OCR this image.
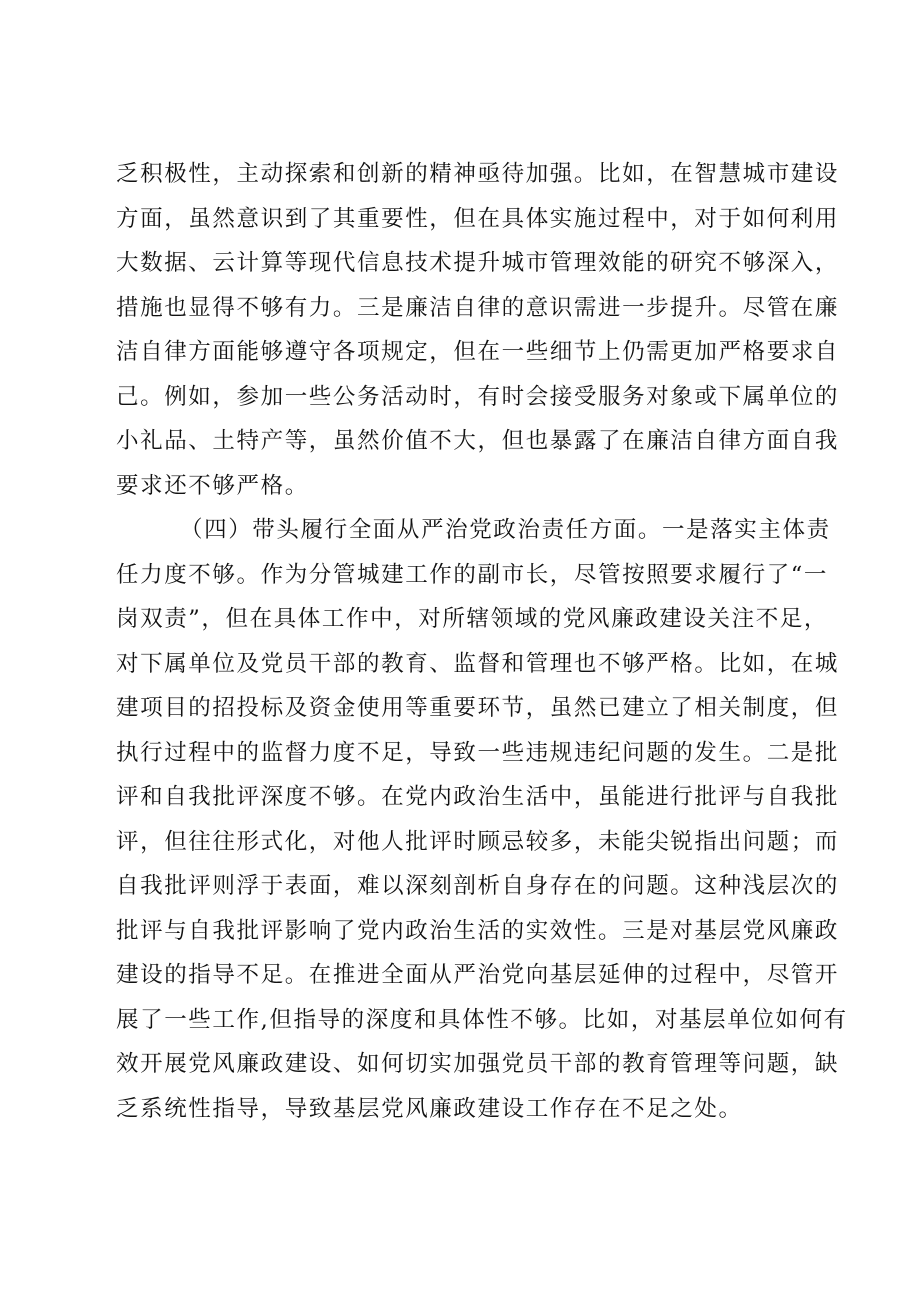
乏积极性，主动探索和创新的精神亟待加强。比如，在智慧城市建设
方面，虽然意识到了其重要性，但在具体实施过程中，对于如何利用
大数据、云计算等现代信息技术提升城市管理效能的研究不够深入，
措施也显得不够有力。三是廉洁自律的意识需进一步提升。尽管在廉
洁自律方面能够遵守各项规定，但在一些细节上仍需更加严格要求自
己。例如，参加一些公务活动时，有时会接受服务对象或下属单位的
小礼品、土特产等，虽然价值不大，但也暴露了在廉洁自律方面自我
要求还不够严格。
（四）带头履行全面从严治党政治责任方面。一是落实主体责
任力度不够。作为分管城建工作的副市长，尽管按照要求履行了“一
岗双责”，但在具体工作中，对所辖领域的党风廉政建设关注不足，
对下属单位及党员干部的教育、监督和管理也不够严格。比如，在城
建项目的招投标及资金使用等重要环节，虽然已建立了相关制度，但
执行过程中的监督力度不足，导致一些违规违纪问题的发生。二是批
评和自我批评深度不够。在党内政治生活中，虽能进行批评与自我批
评，但往往形式化，对他人批评时顾忌较多，未能尖锐指出问题；而
自我批评则浮于表面，难以深刻剖析自身存在的问题。这种浅层次的
批评与自我批评影响了党内政治生活的实效性。三是对基层党风廉政
建设的指导不足。在推进全面从严治党向基层延伸的过程中，尽管开
展了一些工作,但指导的深度和具体性不够。比如，对基层单位如何有
效开展党风廉政建设、如何切实加强党员干部的教育管理等问题，缺
乏系统性指导，导致基层党风廉政建设工作存在不足之处。
